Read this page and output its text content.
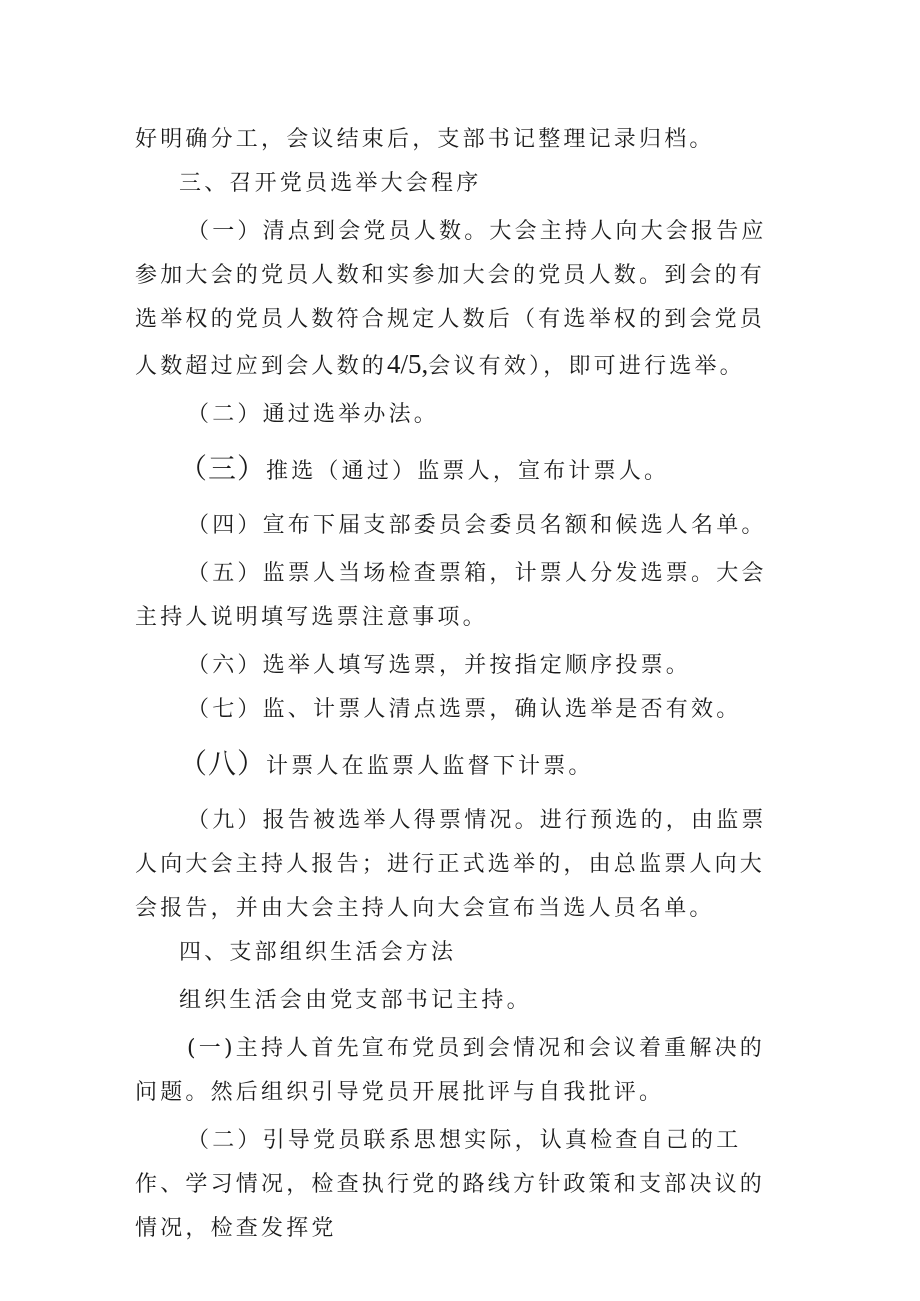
好明确分工，会议结束后，支部书记整理记录归档。

三、召开党员选举大会程序

（一）清点到会党员人数。大会主持人向大会报告应参加大会的党员人数和实参加大会的党员人数。到会的有选举权的党员人数符合规定人数后（有选举权的到会党员人数超过应到会人数的4/5,会议有效），即可进行选举。

（二）通过选举办法。

（三）推选（通过）监票人，宣布计票人。

（四）宣布下届支部委员会委员名额和候选人名单。

（五）监票人当场检查票箱，计票人分发选票。大会主持人说明填写选票注意事项。

（六）选举人填写选票，并按指定顺序投票。

（七）监、计票人清点选票，确认选举是否有效。

（八）计票人在监票人监督下计票。

（九）报告被选举人得票情况。进行预选的，由监票人向大会主持人报告；进行正式选举的，由总监票人向大会报告，并由大会主持人向大会宣布当选人员名单。

四、支部组织生活会方法

组织生活会由党支部书记主持。

(一)主持人首先宣布党员到会情况和会议着重解决的问题。然后组织引导党员开展批评与自我批评。

（二）引导党员联系思想实际，认真检查自己的工作、学习情况，检查执行党的路线方针政策和支部决议的情况，检查发挥党
